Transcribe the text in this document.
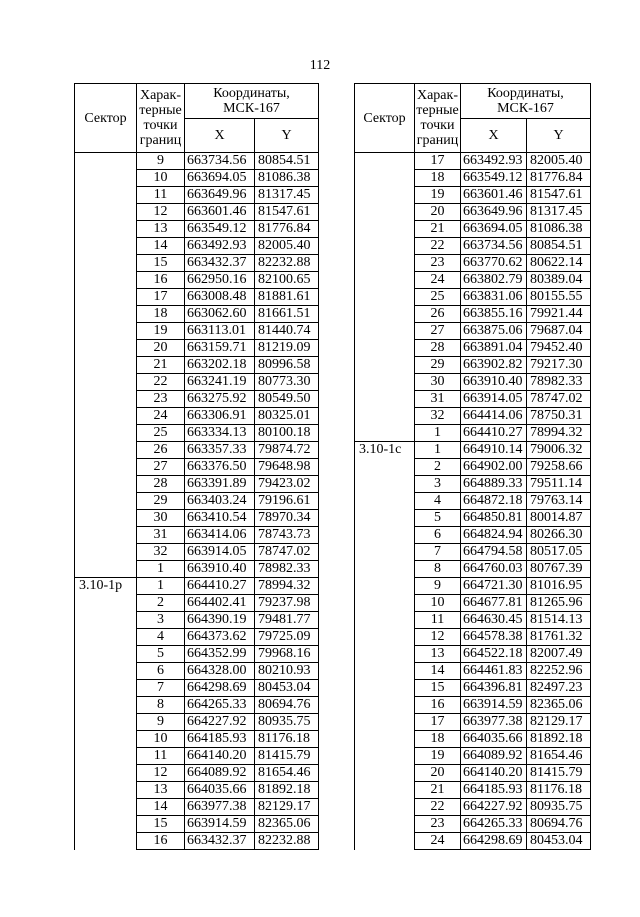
112
Сектор	Харак-
терные
точки
границ	Координаты,
МСК-167	
		X	Y
	9	663734.56	80854.51
	10	663694.05	81086.38
	11	663649.96	81317.45
	12	663601.46	81547.61
	13	663549.12	81776.84
	14	663492.93	82005.40
	15	663432.37	82232.88
	16	662950.16	82100.65
	17	663008.48	81881.61
	18	663062.60	81661.51
	19	663113.01	81440.74
	20	663159.71	81219.09
	21	663202.18	80996.58
	22	663241.19	80773.30
	23	663275.92	80549.50
	24	663306.91	80325.01
	25	663334.13	80100.18
	26	663357.33	79874.72
	27	663376.50	79648.98
	28	663391.89	79423.02
	29	663403.24	79196.61
	30	663410.54	78970.34
	31	663414.06	78743.73
	32	663914.05	78747.02
	1	663910.40	78982.33
3.10-1р	1	664410.27	78994.32
	2	664402.41	79237.98
	3	664390.19	79481.77
	4	664373.62	79725.09
	5	664352.99	79968.16
	6	664328.00	80210.93
	7	664298.69	80453.04
	8	664265.33	80694.76
	9	664227.92	80935.75
	10	664185.93	81176.18
	11	664140.20	81415.79
	12	664089.92	81654.46
	13	664035.66	81892.18
	14	663977.38	82129.17
	15	663914.59	82365.06
	16	663432.37	82232.88
Сектор	Харак-
терные
точки
границ	Координаты,
МСК-167	
		X	Y
	17	663492.93	82005.40
	18	663549.12	81776.84
	19	663601.46	81547.61
	20	663649.96	81317.45
	21	663694.05	81086.38
	22	663734.56	80854.51
	23	663770.62	80622.14
	24	663802.79	80389.04
	25	663831.06	80155.55
	26	663855.16	79921.44
	27	663875.06	79687.04
	28	663891.04	79452.40
	29	663902.82	79217.30
	30	663910.40	78982.33
	31	663914.05	78747.02
	32	664414.06	78750.31
	1	664410.27	78994.32
3.10-1с	1	664910.14	79006.32
	2	664902.00	79258.66
	3	664889.33	79511.14
	4	664872.18	79763.14
	5	664850.81	80014.87
	6	664824.94	80266.30
	7	664794.58	80517.05
	8	664760.03	80767.39
	9	664721.30	81016.95
	10	664677.81	81265.96
	11	664630.45	81514.13
	12	664578.38	81761.32
	13	664522.18	82007.49
	14	664461.83	82252.96
	15	664396.81	82497.23
	16	663914.59	82365.06
	17	663977.38	82129.17
	18	664035.66	81892.18
	19	664089.92	81654.46
	20	664140.20	81415.79
	21	664185.93	81176.18
	22	664227.92	80935.75
	23	664265.33	80694.76
	24	664298.69	80453.04
